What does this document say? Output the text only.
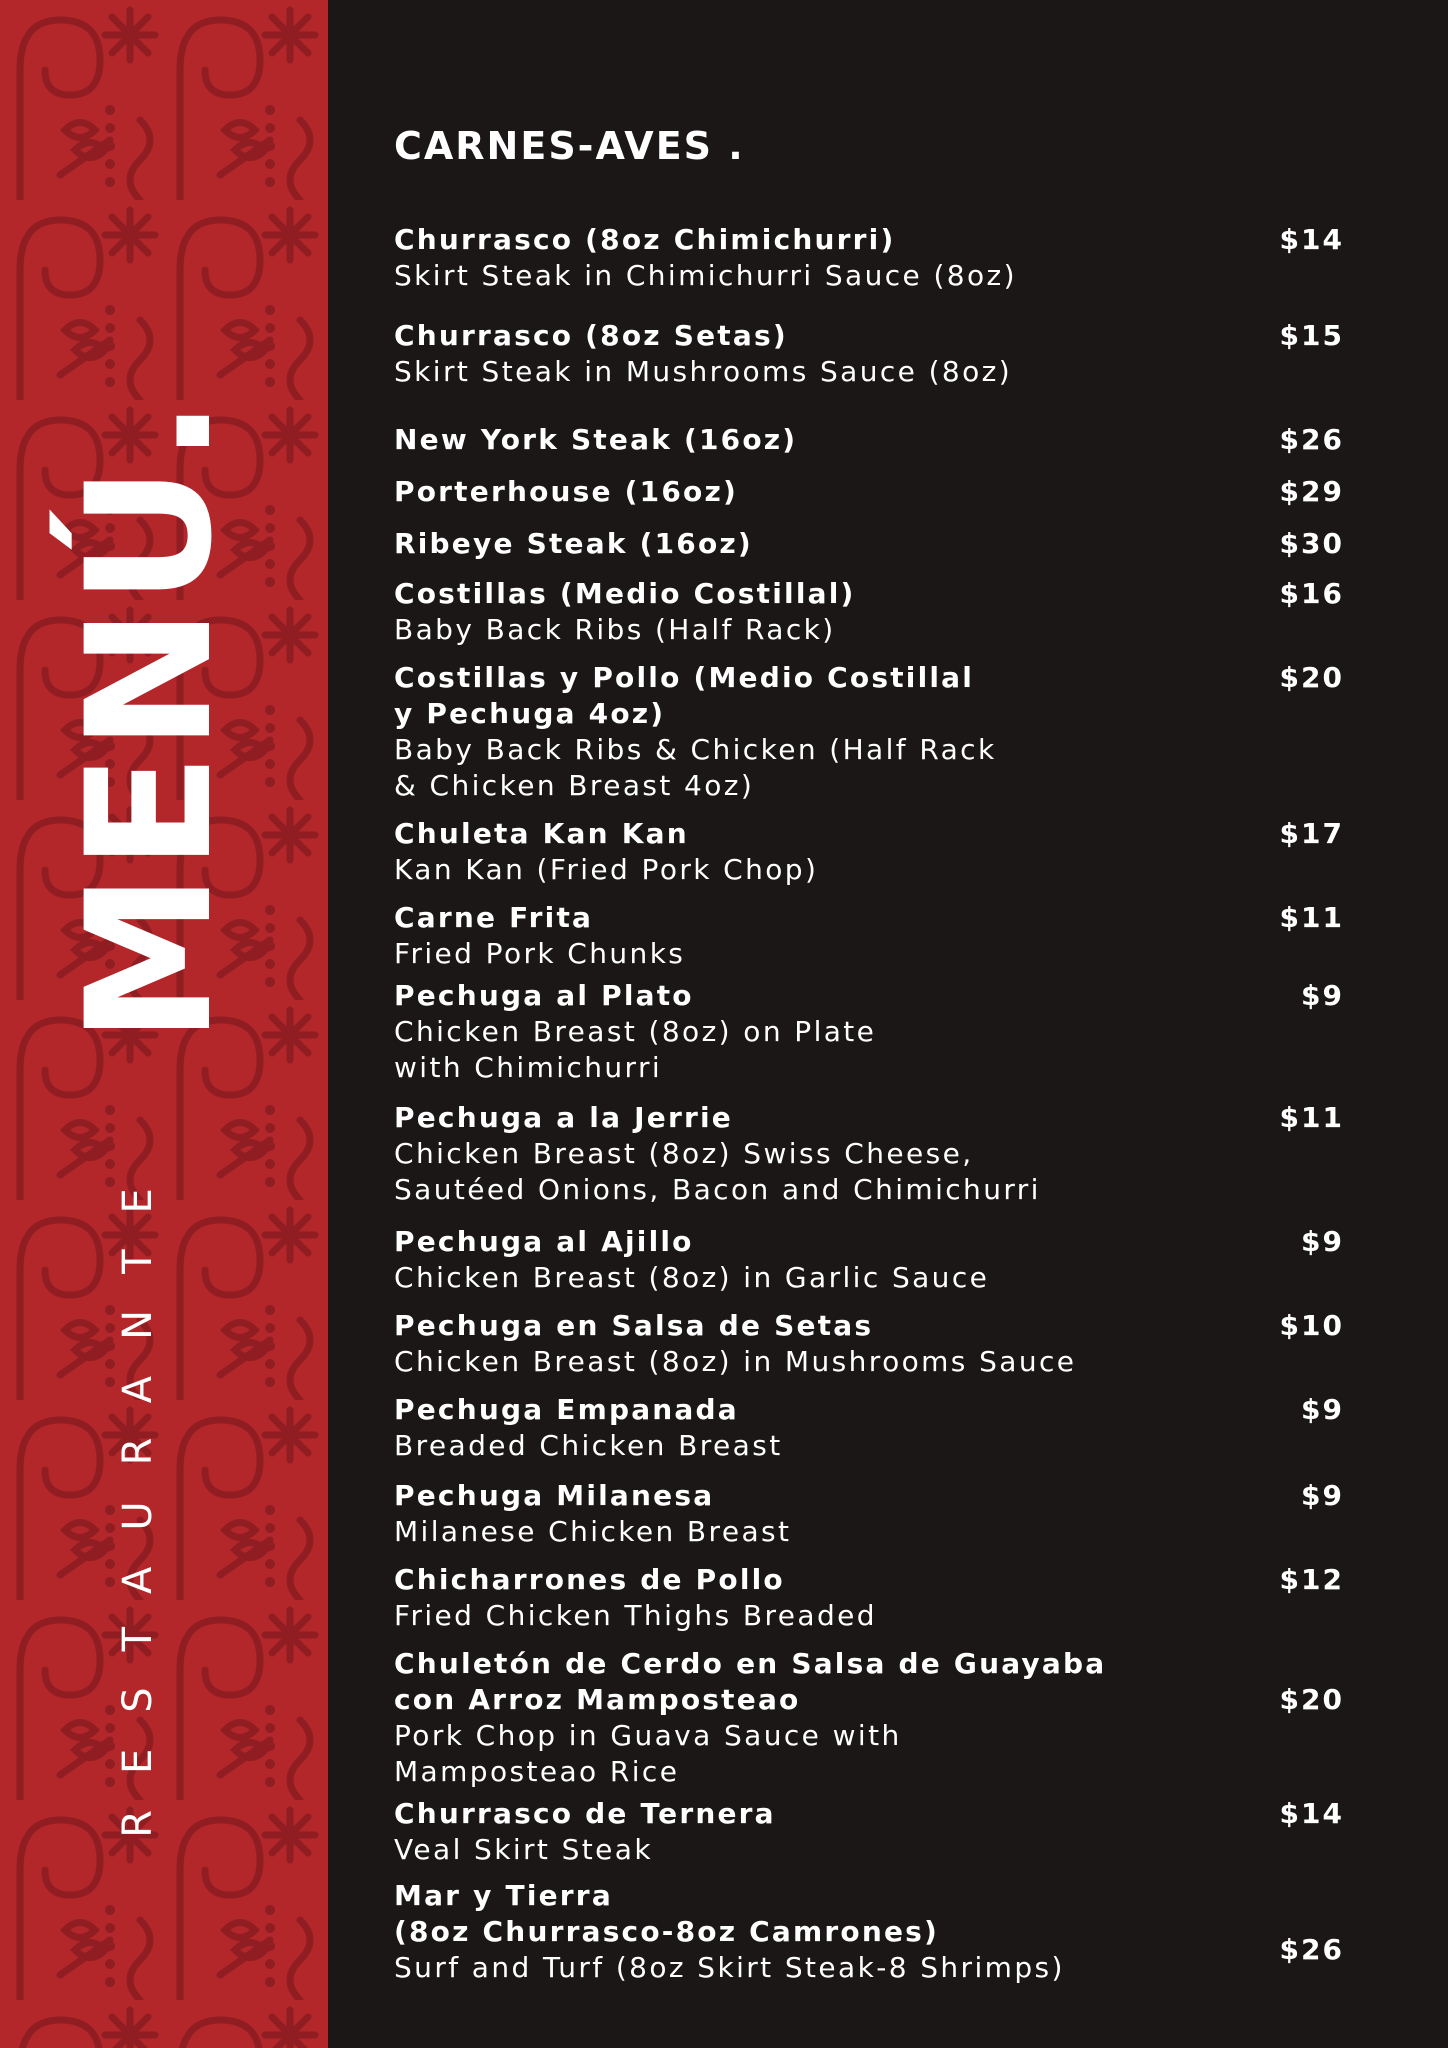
MENÚ.
RESTAURANTE
CARNES-AVES .
Churrasco (8oz Chimichurri)
Skirt Steak in Chimichurri Sauce (8oz)
$14
Churrasco (8oz Setas)
Skirt Steak in Mushrooms Sauce (8oz)
$15
New York Steak (16oz)	$26
Porterhouse (16oz)	$29
Ribeye Steak (16oz)	$30
Costillas (Medio Costillal)
Baby Back Ribs (Half Rack)
$16
Costillas y Pollo (Medio Costillal
y Pechuga 4oz)
Baby Back Ribs & Chicken (Half Rack
& Chicken Breast 4oz)
$20
Chuleta Kan Kan
Kan Kan (Fried Pork Chop)
$17
Carne Frita
Fried Pork Chunks
$11
Pechuga al Plato
Chicken Breast (8oz) on Plate
with Chimichurri
$9
Pechuga a la Jerrie
Chicken Breast (8oz) Swiss Cheese,
Sautéed Onions, Bacon and Chimichurri
$11
Pechuga al Ajillo
Chicken Breast (8oz) in Garlic Sauce
$9
Pechuga en Salsa de Setas
Chicken Breast (8oz) in Mushrooms Sauce
$10
Pechuga Empanada
Breaded Chicken Breast
$9
Pechuga Milanesa
Milanese Chicken Breast
$9
Chicharrones de Pollo
Fried Chicken Thighs Breaded
$12
Chuletón de Cerdo en Salsa de Guayaba
con Arroz Mamposteao
Pork Chop in Guava Sauce with
Mamposteao Rice
$20
Churrasco de Ternera
Veal Skirt Steak
$14
Mar y Tierra
(8oz Churrasco-8oz Camrones)
Surf and Turf (8oz Skirt Steak-8 Shrimps)
$26
